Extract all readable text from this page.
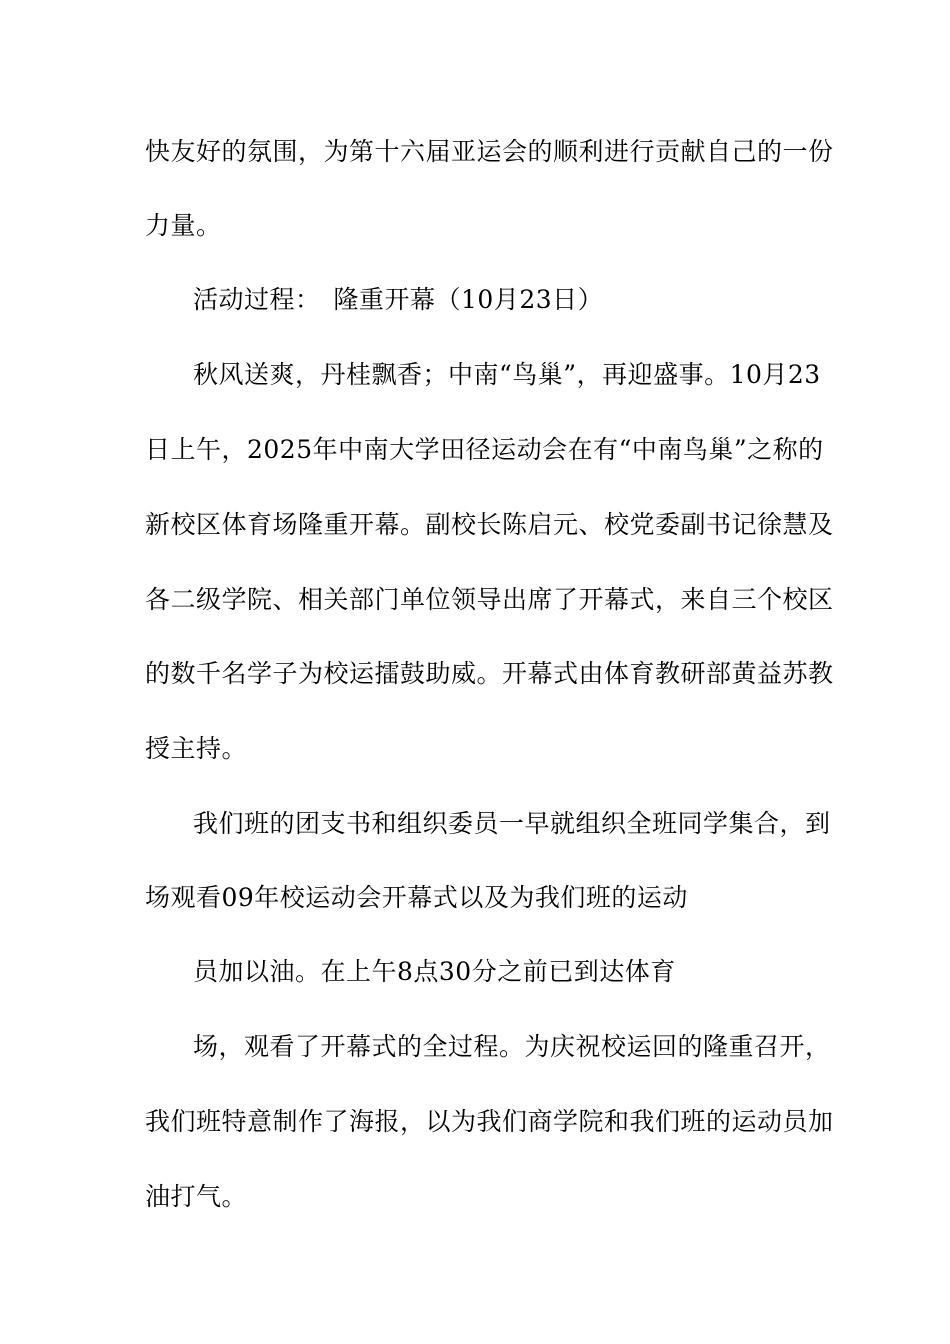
快友好的氛围，为第十六届亚运会的顺利进行贡献自己的一份
力量。
活动过程：　隆重开幕（10月23日）
秋风送爽，丹桂飘香；中南“鸟巢”，再迎盛事。10月23
日上午，2025年中南大学田径运动会在有“中南鸟巢”之称的
新校区体育场隆重开幕。副校长陈启元、校党委副书记徐慧及
各二级学院、相关部门单位领导出席了开幕式，来自三个校区
的数千名学子为校运擂鼓助威。开幕式由体育教研部黄益苏教
授主持。
我们班的团支书和组织委员一早就组织全班同学集合，到
场观看09年校运动会开幕式以及为我们班的运动
员加以油。在上午8点30分之前已到达体育
场，观看了开幕式的全过程。为庆祝校运回的隆重召开，
我们班特意制作了海报，以为我们商学院和我们班的运动员加
油打气。
